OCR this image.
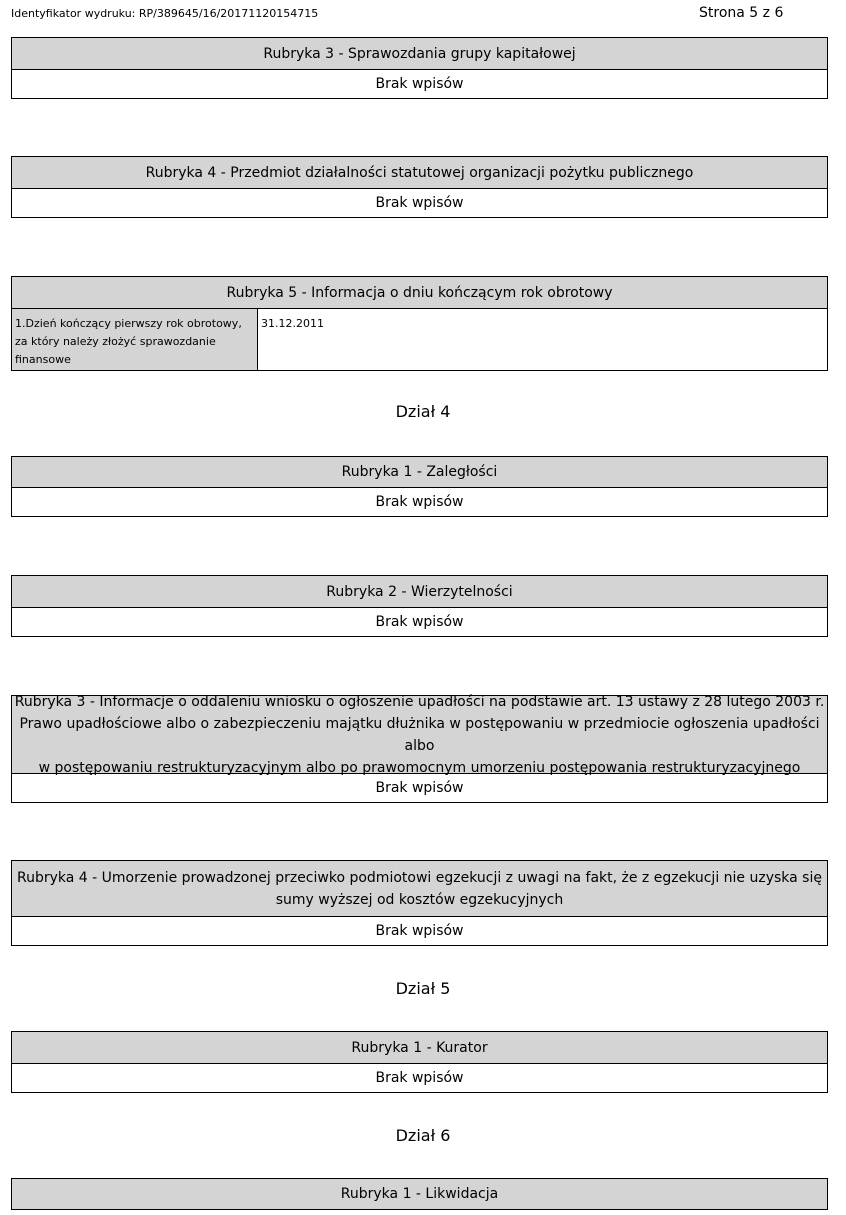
Identyfikator wydruku: RP/389645/16/20171120154715	Strona 5 z 6
Rubryka 3 - Sprawozdania grupy kapitałowej
Brak wpisów
Rubryka 4 - Przedmiot działalności statutowej organizacji pożytku publicznego
Brak wpisów
Rubryka 5 - Informacja o dniu kończącym rok obrotowy
1.Dzień kończący pierwszy rok obrotowy, za który należy złożyć sprawozdanie finansowe
31.12.2011
Dział 4
Rubryka 1 - Zaległości
Brak wpisów
Rubryka 2 - Wierzytelności
Brak wpisów
Rubryka 3 - Informacje o oddaleniu wniosku o ogłoszenie upadłości na podstawie art. 13 ustawy z 28 lutego 2003 r.
Prawo upadłościowe albo o zabezpieczeniu majątku dłużnika w postępowaniu w przedmiocie ogłoszenia upadłości albo
w postępowaniu restrukturyzacyjnym albo po prawomocnym umorzeniu postępowania restrukturyzacyjnego
Brak wpisów
Rubryka 4 - Umorzenie prowadzonej przeciwko podmiotowi egzekucji z uwagi na fakt, że z egzekucji nie uzyska się
sumy wyższej od kosztów egzekucyjnych
Brak wpisów
Dział 5
Rubryka 1 - Kurator
Brak wpisów
Dział 6
Rubryka 1 - Likwidacja
